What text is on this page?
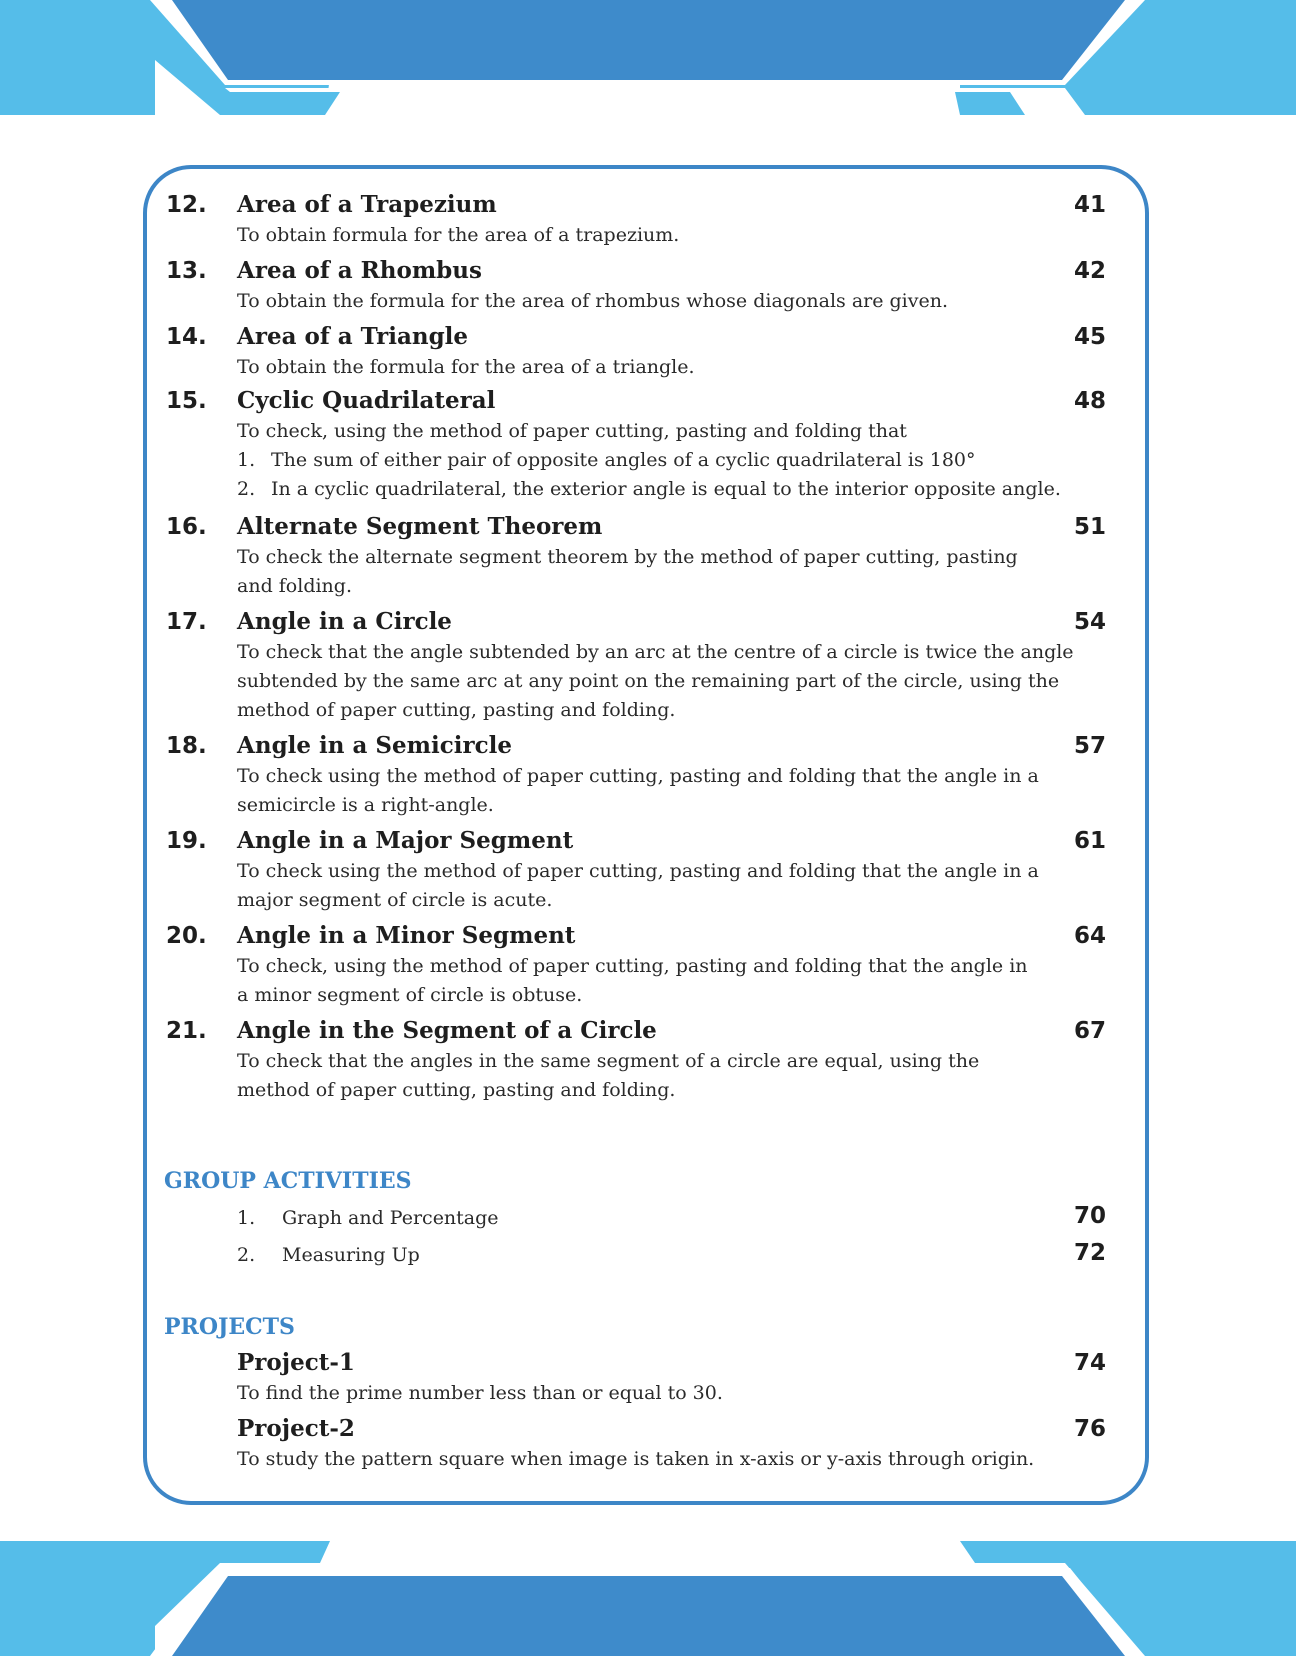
12. Area of a Trapezium	41

To obtain formula for the area of a trapezium.

13. Area of a Rhombus	42

To obtain the formula for the area of rhombus whose diagonals are given.

14. Area of a Triangle	45

To obtain the formula for the area of a triangle.

15. Cyclic Quadrilateral	48

To check, using the method of paper cutting, pasting and folding that

1. The sum of either pair of opposite angles of a cyclic quadrilateral is 180°
2. In a cyclic quadrilateral, the exterior angle is equal to the interior opposite angle.
16. Alternate Segment Theorem	51

To check the alternate segment theorem by the method of paper cutting, pasting

and folding.

17. Angle in a Circle	54

To check that the angle subtended by an arc at the centre of a circle is twice the angle

subtended by the same arc at any point on the remaining part of the circle, using the

method of paper cutting, pasting and folding.

18. Angle in a Semicircle	57

To check using the method of paper cutting, pasting and folding that the angle in a

semicircle is a right-angle.

19. Angle in a Major Segment	61

To check using the method of paper cutting, pasting and folding that the angle in a

major segment of circle is acute.

20. Angle in a Minor Segment	64

To check, using the method of paper cutting, pasting and folding that the angle in

a minor segment of circle is obtuse.

21. Angle in the Segment of a Circle	67

To check that the angles in the same segment of a circle are equal, using the

method of paper cutting, pasting and folding.

GROUP ACTIVITIES
1. Graph and Percentage	70
2. Measuring Up	72
PROJECTS
Project-1	74

To find the prime number less than or equal to 30.

Project-2	76

To study the pattern square when image is taken in x-axis or y-axis through origin.
